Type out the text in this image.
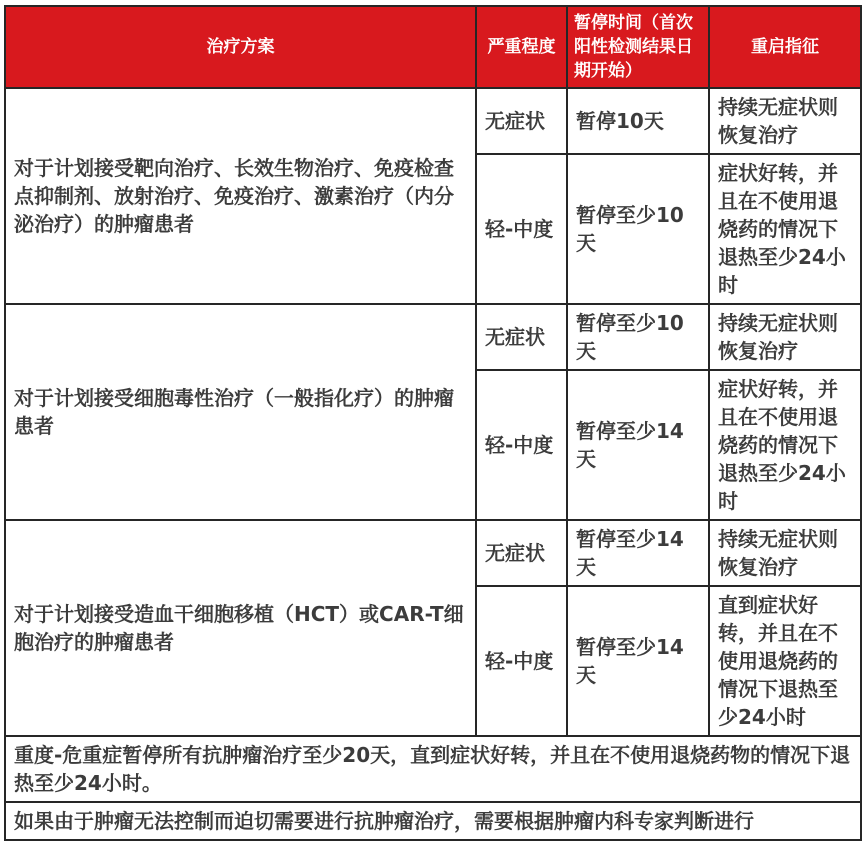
治疗方案	严重程度	暂停时间（首次阳性检测结果日期开始）	重启指征
对于计划接受靶向治疗、长效生物治疗、免疫检查点抑制剂、放射治疗、免疫治疗、激素治疗（内分泌治疗）的肿瘤患者	无症状	暂停10天	持续无症状则恢复治疗
	轻-中度	暂停至少10天	症状好转，并且在不使用退烧药的情况下退热至少24小时
对于计划接受细胞毒性治疗（一般指化疗）的肿瘤患者	无症状	暂停至少10天	持续无症状则恢复治疗
	轻-中度	暂停至少14天	症状好转，并且在不使用退烧药的情况下退热至少24小时
对于计划接受造血干细胞移植（HCT）或CAR-T细胞治疗的肿瘤患者	无症状	暂停至少14天	持续无症状则恢复治疗
	轻-中度	暂停至少14天	直到症状好转，并且在不使用退烧药的情况下退热至少24小时
重度-危重症暂停所有抗肿瘤治疗至少20天，直到症状好转，并且在不使用退烧药物的情况下退热至少24小时。			
如果由于肿瘤无法控制而迫切需要进行抗肿瘤治疗，需要根据肿瘤内科专家判断进行			
